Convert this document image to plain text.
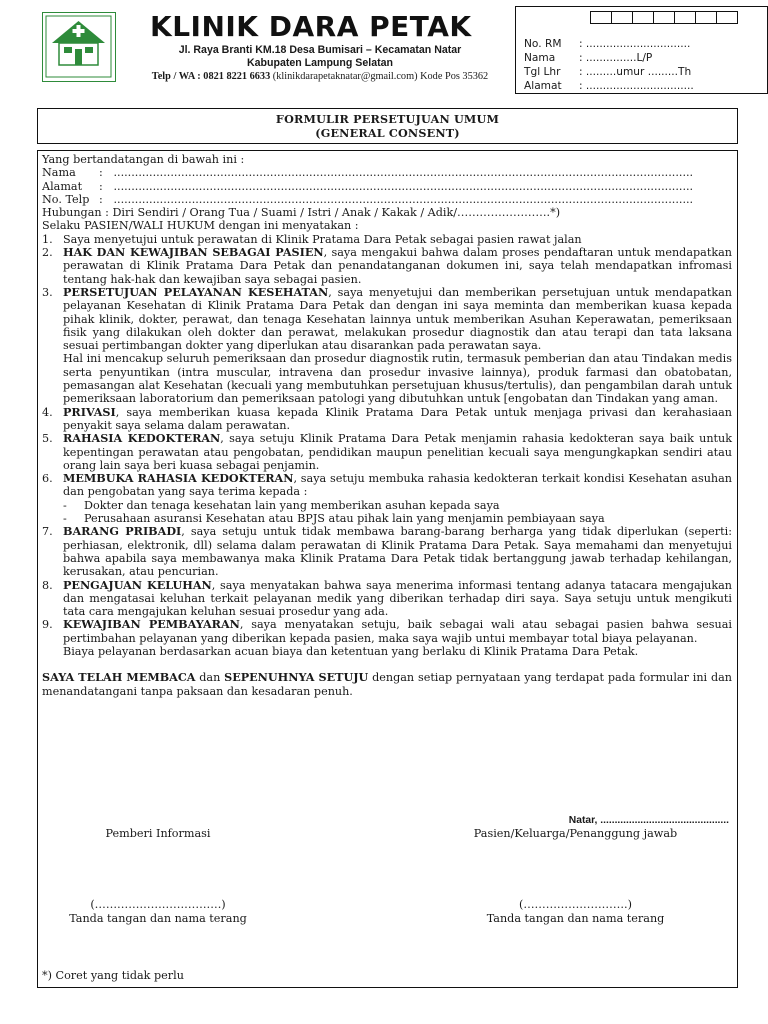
KLINIK DARA PETAK
Jl. Raya Branti KM.18 Desa Bumisari – Kecamatan Natar
Kabupaten Lampung Selatan
Telp / WA : 0821 8221 6633 (klinikdarapetaknatar@gmail.com) Kode Pos 35362
No. RM : ...............................
Nama : ...............L/P
Tgl Lhr : .........umur .........Th
Alamat : ................................
FORMULIR PERSETUJUAN UMUM
(GENERAL CONSENT)

Yang bertandatangan di bawah ini :

Nama	:
...................................................................................................................................................................
Alamat	:
...................................................................................................................................................................
No. Telp :
...................................................................................................................................................................

Hubungan : Diri Sendiri / Orang Tua / Suami / Istri / Anak / Kakak / Adik/…………………….*)

Selaku PASIEN/WALI HUKUM dengan ini menyatakan :

1. Saya menyetujui untuk perawatan di Klinik Pratama Dara Petak sebagai pasien rawat jalan
2. HAK DAN KEWAJIBAN SEBAGAI PASIEN, saya mengakui bahwa dalam proses pendaftaran untuk mendapatkan perawatan di Klinik Pratama Dara Petak dan penandatanganan dokumen ini, saya telah mendapatkan infromasi tentang hak-hak dan kewajiban saya sebagai pasien.
3. PERSETUJUAN PELAYANAN KESEHATAN, saya menyetujui dan memberikan persetujuan untuk mendapatkan pelayanan Kesehatan di Klinik Pratama Dara Petak dan dengan ini saya meminta dan memberikan kuasa kepada pihak klinik, dokter, perawat, dan tenaga Kesehatan lainnya untuk memberikan Asuhan Keperawatan, pemeriksaan fisik yang dilakukan oleh dokter dan perawat, melakukan prosedur diagnostik dan atau terapi dan tata laksana sesuai pertimbangan dokter yang diperlukan atau disarankan pada perawatan saya.
Hal ini mencakup seluruh pemeriksaan dan prosedur diagnostik rutin, termasuk pemberian dan atau Tindakan medis serta penyuntikan (intra muscular, intravena dan prosedur invasive lainnya), produk farmasi dan obatobatan, pemasangan alat Kesehatan (kecuali yang membutuhkan persetujuan khusus/tertulis), dan pengambilan darah untuk pemeriksaan laboratorium dan pemeriksaan patologi yang dibutuhkan untuk [engobatan dan Tindakan yang aman.
4. PRIVASI, saya memberikan kuasa kepada Klinik Pratama Dara Petak untuk menjaga privasi dan kerahasiaan penyakit saya selama dalam perawatan.
5. RAHASIA KEDOKTERAN, saya setuju Klinik Pratama Dara Petak menjamin rahasia kedokteran saya baik untuk kepentingan perawatan atau pengobatan, pendidikan maupun penelitian kecuali saya mengungkapkan sendiri atau orang lain saya beri kuasa sebagai penjamin.
6. MEMBUKA RAHASIA KEDOKTERAN, saya setuju membuka rahasia kedokteran terkait kondisi Kesehatan asuhan dan pengobatan yang saya terima kepada :
-	Dokter dan tenaga kesehatan lain yang memberikan asuhan kepada saya
-	Perusahaan asuransi Kesehatan atau BPJS atau pihak lain yang menjamin pembiayaan saya
7. BARANG PRIBADI, saya setuju untuk tidak membawa barang-barang berharga yang tidak diperlukan (seperti: perhiasan, elektronik, dll) selama dalam perawatan di Klinik Pratama Dara Petak. Saya memahami dan menyetujui bahwa apabila saya membawanya maka Klinik Pratama Dara Petak tidak bertanggung jawab terhadap kehilangan, kerusakan, atau pencurian.
8. PENGAJUAN KELUHAN, saya menyatakan bahwa saya menerima informasi tentang adanya tatacara mengajukan dan mengatasai keluhan terkait pelayanan medik yang diberikan terhadap diri saya. Saya setuju untuk mengikuti tata cara mengajukan keluhan sesuai prosedur yang ada.
9. KEWAJIBAN PEMBAYARAN, saya menyatakan setuju, baik sebagai wali atau sebagai pasien bahwa sesuai pertimbahan pelayanan yang diberikan kepada pasien, maka saya wajib untui membayar total biaya pelayanan.
Biaya pelayanan berdasarkan acuan biaya dan ketentuan yang berlaku di Klinik Pratama Dara Petak.

SAYA TELAH MEMBACA dan SEPENUHNYA SETUJU dengan setiap pernyataan yang terdapat pada formular ini dan menandatangani tanpa paksaan dan kesadaran penuh.

Natar, .............................................
Pemberi Informasi	Pasien/Keluarga/Penanggung jawab
(…………………………….)	(……………………….)
Tanda tangan dan nama terang	Tanda tangan dan nama terang
*) Coret yang tidak perlu
